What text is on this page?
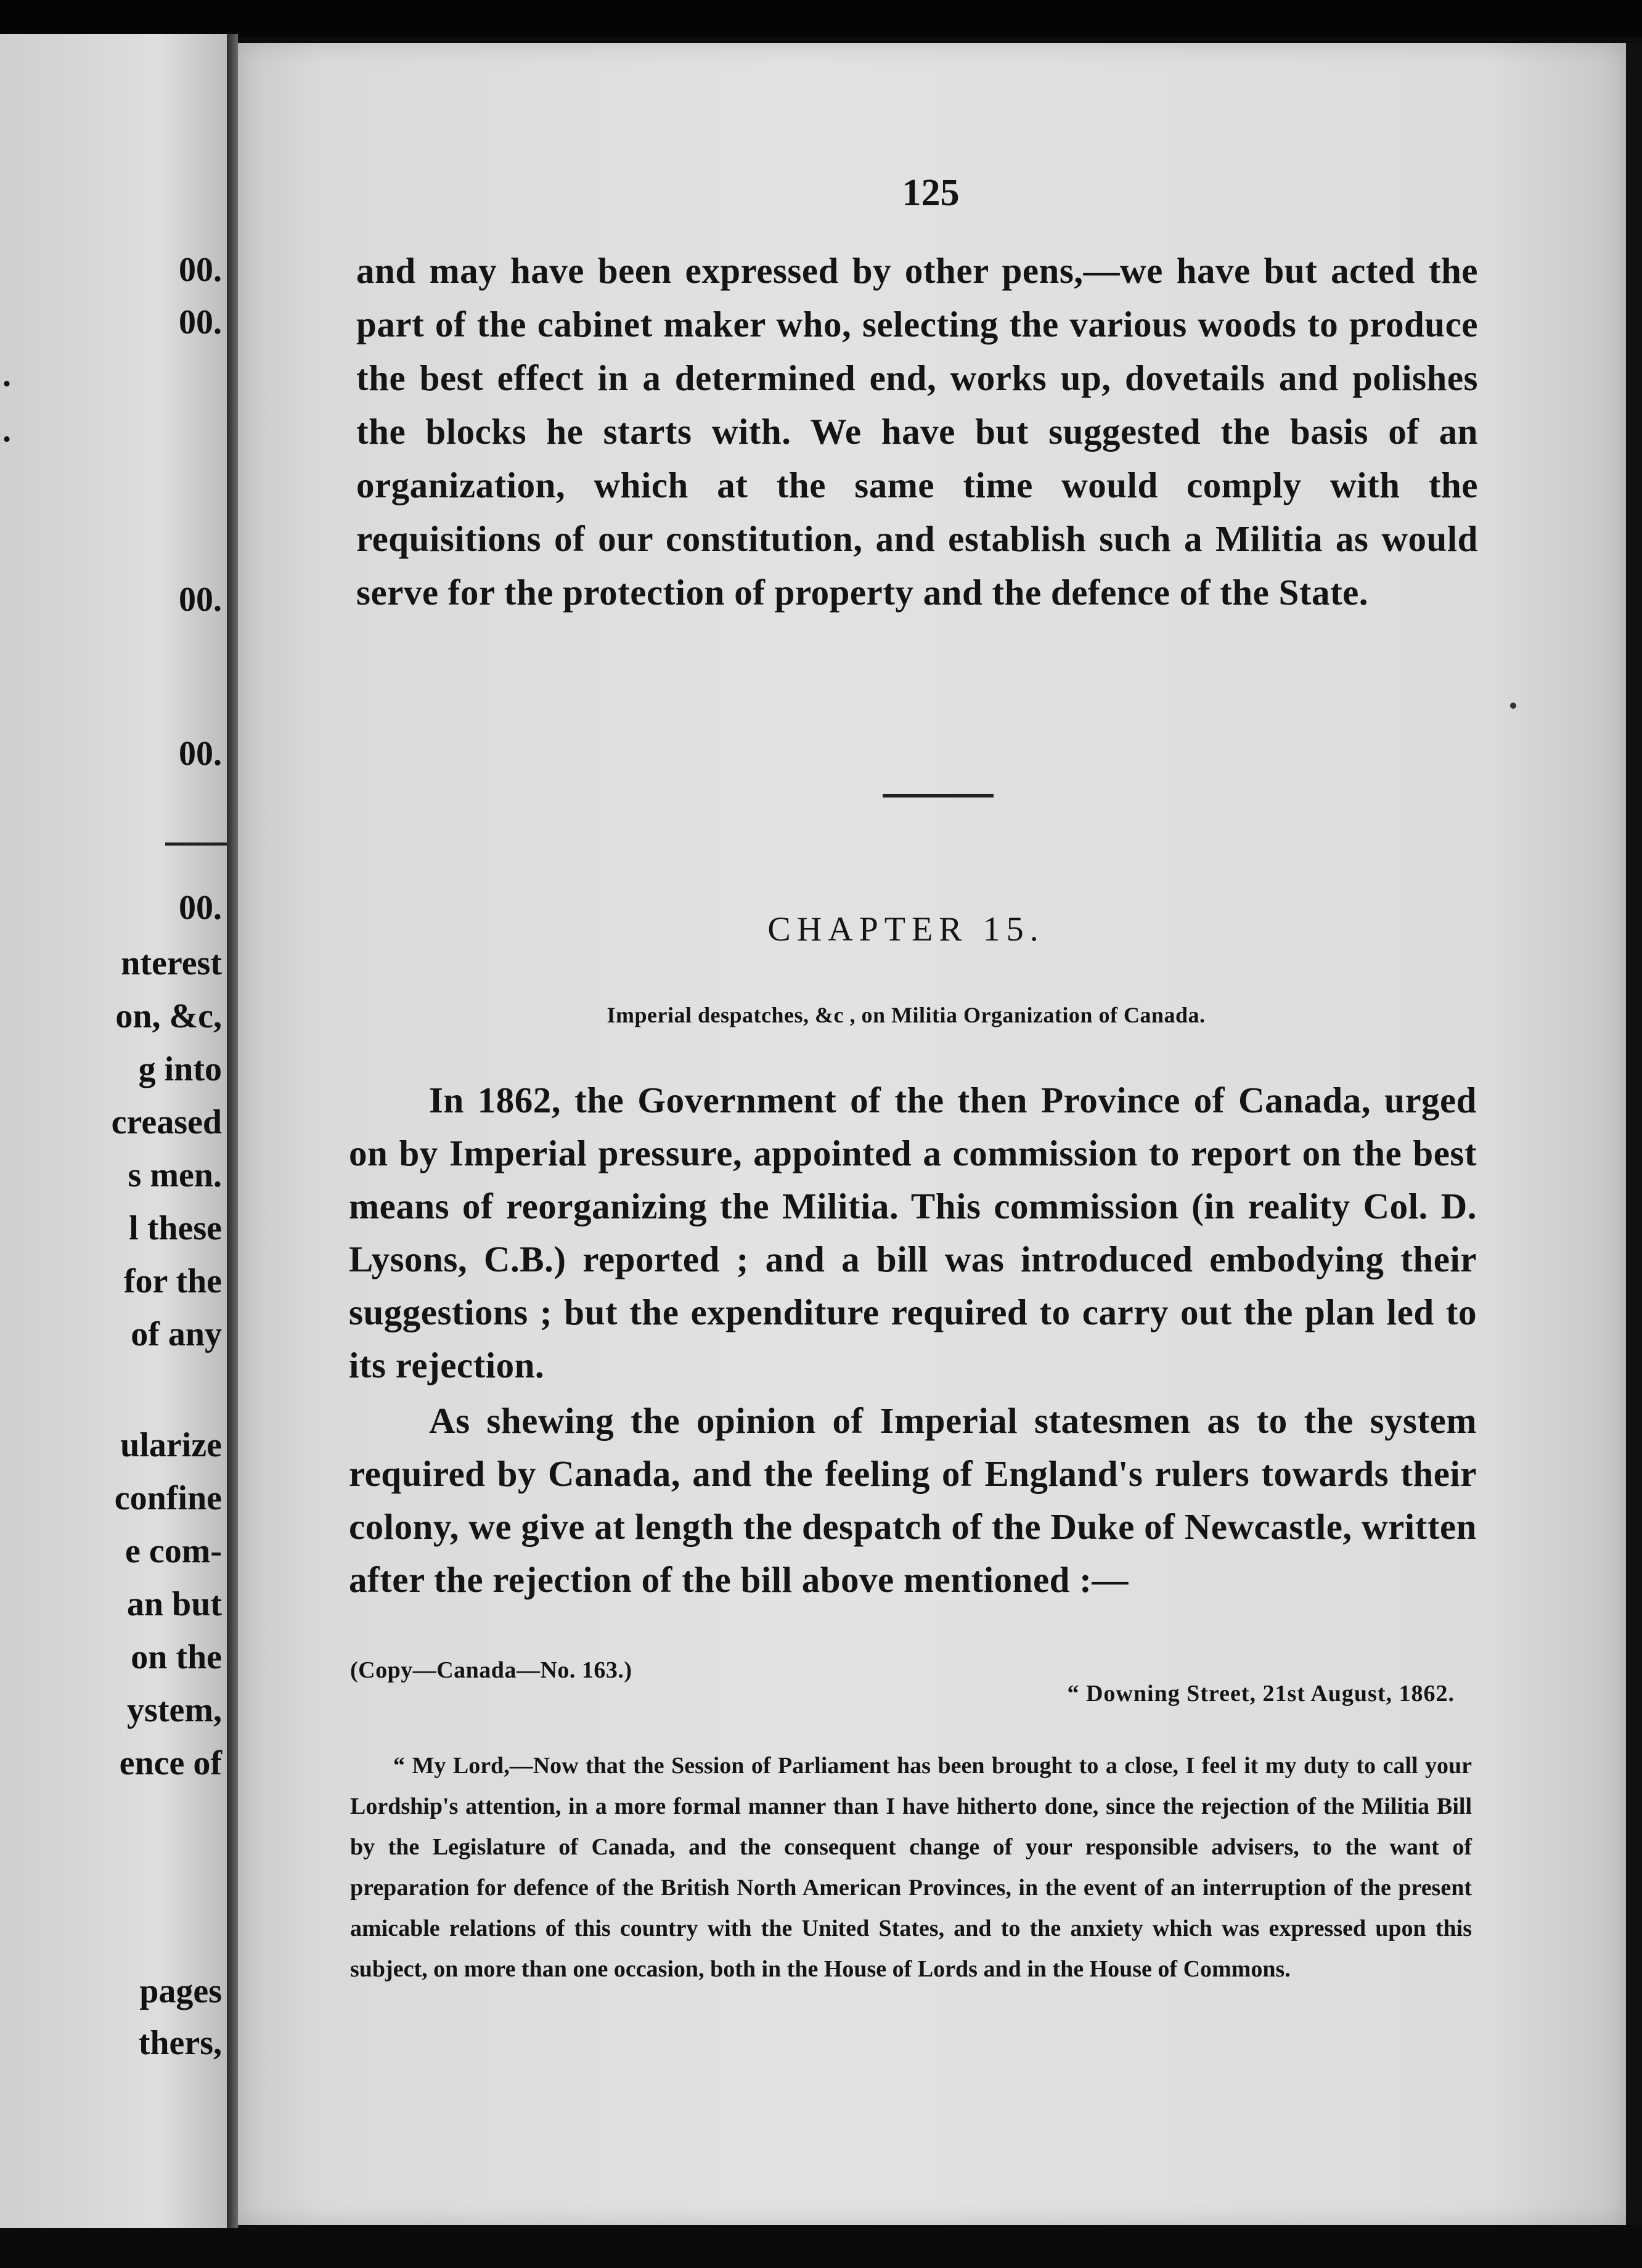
00.

00.

.

.

00.

00.

00.

nterest

on, &c,

g into

creased

s men.

l these

for the

of any

ularize

confine

e com-

an but

on the

ystem,

ence of

pages

thers,

125

and may have been expressed by other pens,—we have but acted the part of the cabinet maker who, selecting the various woods to produce the best effect in a determined end, works up, dovetails and polishes the blocks he starts with. We have but suggested the basis of an organization, which at the same time would comply with the requisitions of our constitution, and establish such a Militia as would serve for the protection of property and the defence of the State.

CHAPTER 15.
Imperial despatches, &c , on Militia Organization of Canada.

In 1862, the Government of the then Province of Canada, urged on by Imperial pressure, appointed a commission to report on the best means of reorganizing the Militia. This commission (in reality Col. D. Lysons, C.B.) reported ; and a bill was introduced embodying their suggestions ; but the expenditure required to carry out the plan led to its rejection.

As shewing the opinion of Imperial statesmen as to the system required by Canada, and the feeling of England's rulers towards their colony, we give at length the despatch of the Duke of Newcastle, written after the rejection of the bill above mentioned :—

(Copy—Canada—No. 163.)
“ Downing Street, 21st August, 1862.

“ My Lord,—Now that the Session of Parliament has been brought to a close, I feel it my duty to call your Lordship's attention, in a more formal manner than I have hitherto done, since the rejection of the Militia Bill by the Legislature of Canada, and the consequent change of your responsible advisers, to the want of preparation for defence of the British North American Provinces, in the event of an interruption of the present amicable relations of this country with the United States, and to the anxiety which was expressed upon this subject, on more than one occasion, both in the House of Lords and in the House of Commons.
